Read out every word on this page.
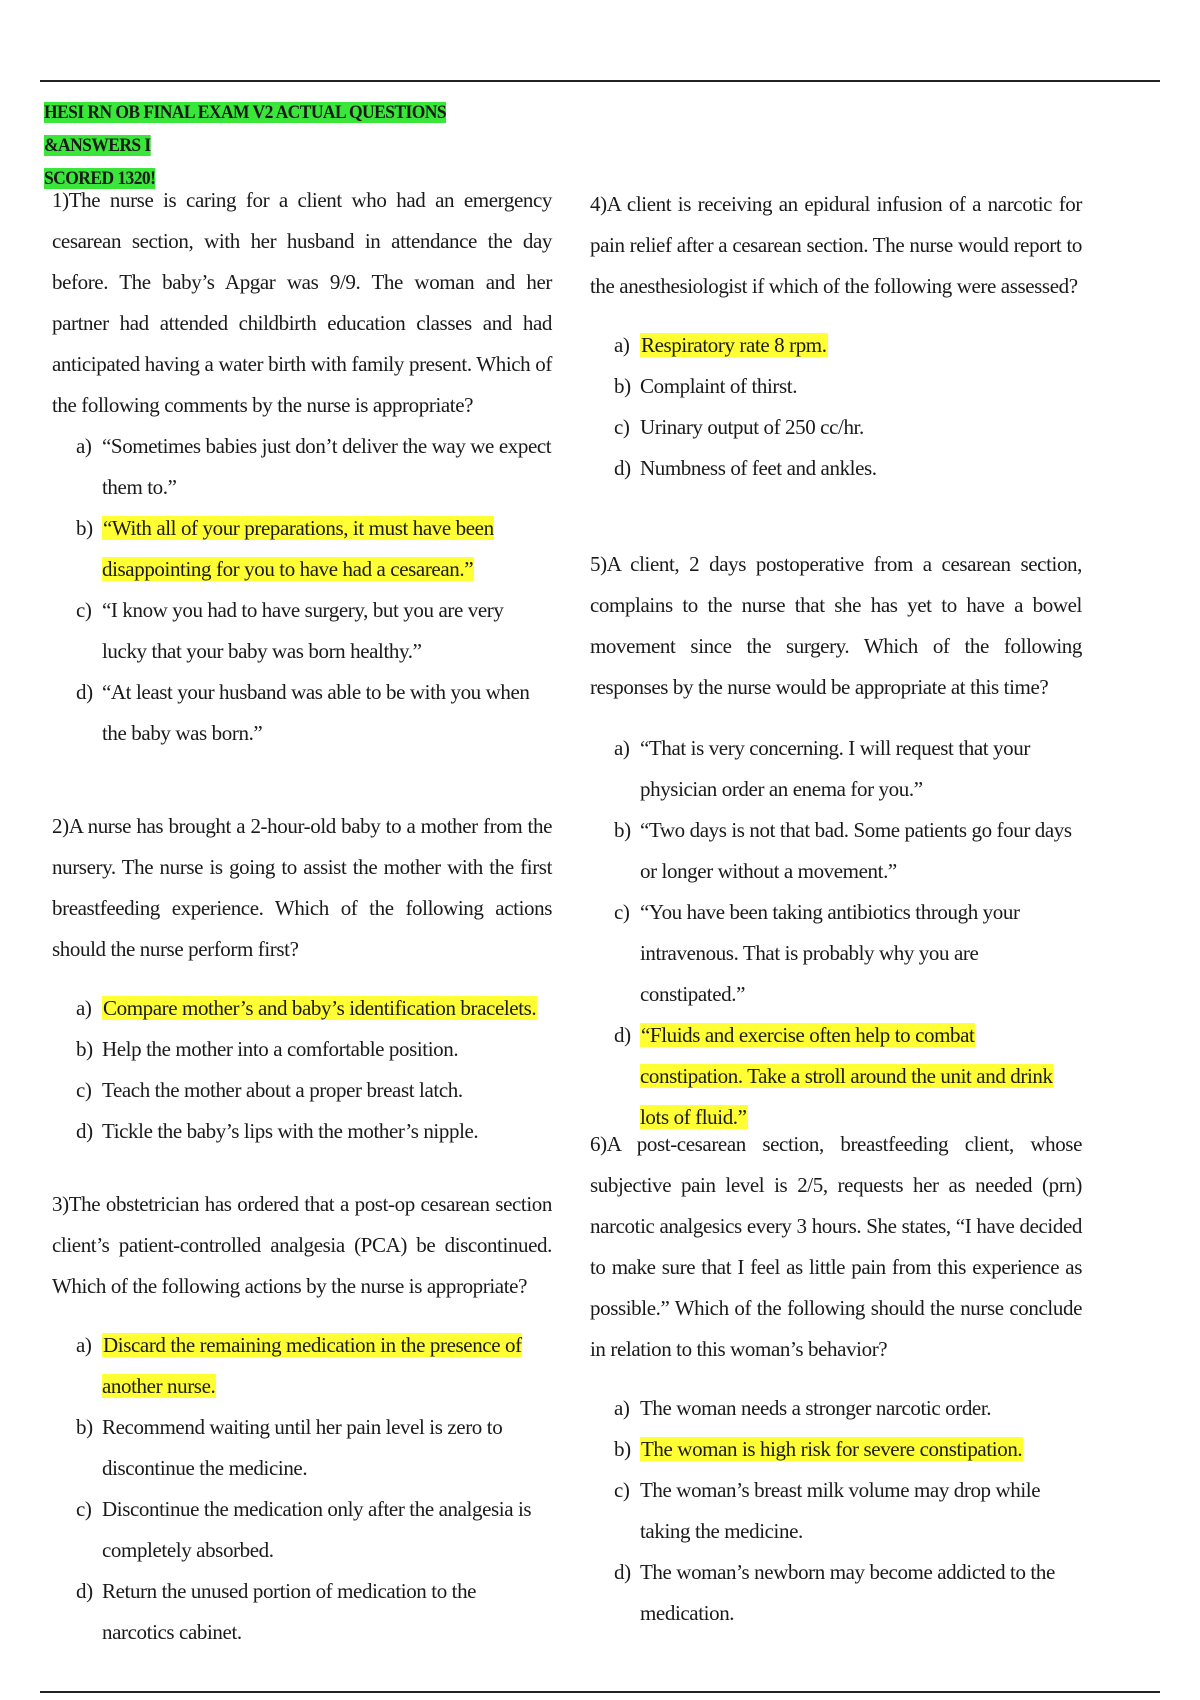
HESI RN OB FINAL EXAM V2 ACTUAL QUESTIONS &ANSWERS I
SCORED 1320!
1)The nurse is caring for a client who had an emergency cesarean section, with her husband in attendance the day before. The baby’s Apgar was 9/9. The woman and her partner had attended childbirth education classes and had anticipated having a water birth with family present. Which of the following comments by the nurse is appropriate?
a) “Sometimes babies just don’t deliver the way we expect them to.”
b) “With all of your preparations, it must have been disappointing for you to have had a cesarean.”
c) “I know you had to have surgery, but you are very lucky that your baby was born healthy.”
d) “At least your husband was able to be with you when the baby was born.”
2)A nurse has brought a 2-hour-old baby to a mother from the nursery. The nurse is going to assist the mother with the first breastfeeding experience. Which of the following actions should the nurse perform first?
a) Compare mother’s and baby’s identification bracelets.
b) Help the mother into a comfortable position.
c) Teach the mother about a proper breast latch.
d) Tickle the baby’s lips with the mother’s nipple.
3)The obstetrician has ordered that a post-op cesarean section client’s patient-controlled analgesia (PCA) be discontinued. Which of the following actions by the nurse is appropriate?
a) Discard the remaining medication in the presence of another nurse.
b) Recommend waiting until her pain level is zero to discontinue the medicine.
c) Discontinue the medication only after the analgesia is completely absorbed.
d) Return the unused portion of medication to the narcotics cabinet.
4)A client is receiving an epidural infusion of a narcotic for pain relief after a cesarean section. The nurse would report to the anesthesiologist if which of the following were assessed?
a) Respiratory rate 8 rpm.
b) Complaint of thirst.
c) Urinary output of 250 cc/hr.
d) Numbness of feet and ankles.
5)A client, 2 days postoperative from a cesarean section, complains to the nurse that she has yet to have a bowel movement since the surgery. Which of the following responses by the nurse would be appropriate at this time?
a) “That is very concerning. I will request that your physician order an enema for you.”
b) “Two days is not that bad. Some patients go four days or longer without a movement.”
c) “You have been taking antibiotics through your intravenous. That is probably why you are constipated.”
d) “Fluids and exercise often help to combat constipation. Take a stroll around the unit and drink lots of fluid.”
6)A post-cesarean section, breastfeeding client, whose subjective pain level is 2/5, requests her as needed (prn) narcotic analgesics every 3 hours. She states, “I have decided to make sure that I feel as little pain from this experience as possible.” Which of the following should the nurse conclude in relation to this woman’s behavior?
a) The woman needs a stronger narcotic order.
b) The woman is high risk for severe constipation.
c) The woman’s breast milk volume may drop while taking the medicine.
d) The woman’s newborn may become addicted to the medication.
